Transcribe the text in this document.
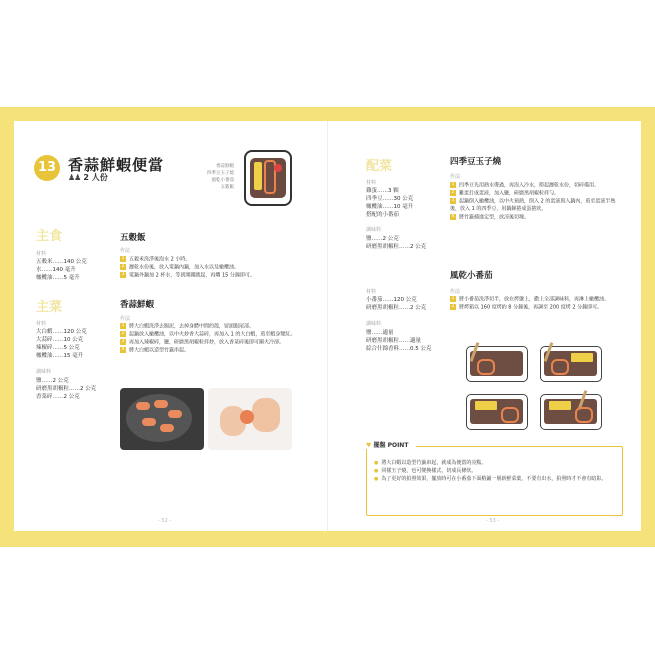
13 香蒜鮮蝦便當
♟♟ 2 人份
香蒜鮮蝦
四季豆玉子燒
風乾小番茄
五穀飯
主食
材料
五穀米‥‥‥140 公克
水‥‥‥140 毫升
橄欖油‥‥‥5 毫升
主菜
材料
大白蝦‥‥‥120 公克
大蒜碎‥‥‥10 公克
辣椒碎‥‥‥5 公克
橄欖油‥‥‥15 毫升
調味料
鹽‥‥‥2 公克
研磨黑胡椒粒‥‥‥2 公克
香菜碎‥‥‥2 公克
五穀飯
作法
1 五穀米洗淨後泡水 2 小時。
2 瀝乾水份後，放入電鍋內鍋，加入水以及橄欖油。
3 電鍋外鍋加 2 杯水，等到開關跳起，再燜 15 分鐘即可。
香蒜鮮蝦
作法
1 將大白蝦洗淨去腸泥，去掉身體中間的殼，留頭跟尾部。
2 起鍋放入橄欖油，以中火炒香大蒜碎，再加入 1 的大白蝦，煎至蝦身變紅。
3 再加入辣椒碎，鹽，研磨黑胡椒粒拌炒，放入香菜碎後即可關火冷卻。
4 將大白蝦以造型竹籤串起。
- 52 -
配菜
材料
雞蛋‥‥‥3 顆
四季豆‥‥‥30 公克
橄欖油‥‥‥10 毫升
搭配的小番茄
調味料
鹽‥‥‥2 公克
研磨黑胡椒粒‥‥‥2 公克
材料
小番茄‥‥‥120 公克
研磨黑胡椒粒‥‥‥2 公克
調味料
鹽‥‥‥適量
研磨黑胡椒粒‥‥‥適量
綜合什錦香料‥‥‥0.5 公克
四季豆玉子燒
作法
1 四季豆先用熱水燙過，再泡入冷水，撈起瀝乾水份，切碎備用。
2 雞蛋打成蛋液，加入鹽，研磨黑胡椒粒拌勻。
3 起鍋倒入橄欖油，以中火預熱，倒入 2 的蛋液與入鍋內，煎至蛋液半熟後，放入 1 的四季豆，用鍋鏟捲成蛋捲狀。
4 將竹籤插進定型，放涼後切塊。
風乾小番茄
作法
1 將小番茄洗淨切半，放在烤盤上，撒上全部調味料，再淋上橄欖油。
2 將烤箱以 160 度烤約 8 分鐘後，再調至 200 度烤 2 分鐘即可。
♥ 擺盤 POINT
● 將大白蝦以造型竹籤串起，就成為便當的亮點。
● 同樣玉子燒，也可變換樣式，切成長條狀。
● 為了更好的拍照效果，擺放時可在小番茄下面稍鋪一層新鮮菜葉，不要有出水，拍照時才不會有暗影。
- 53 -
